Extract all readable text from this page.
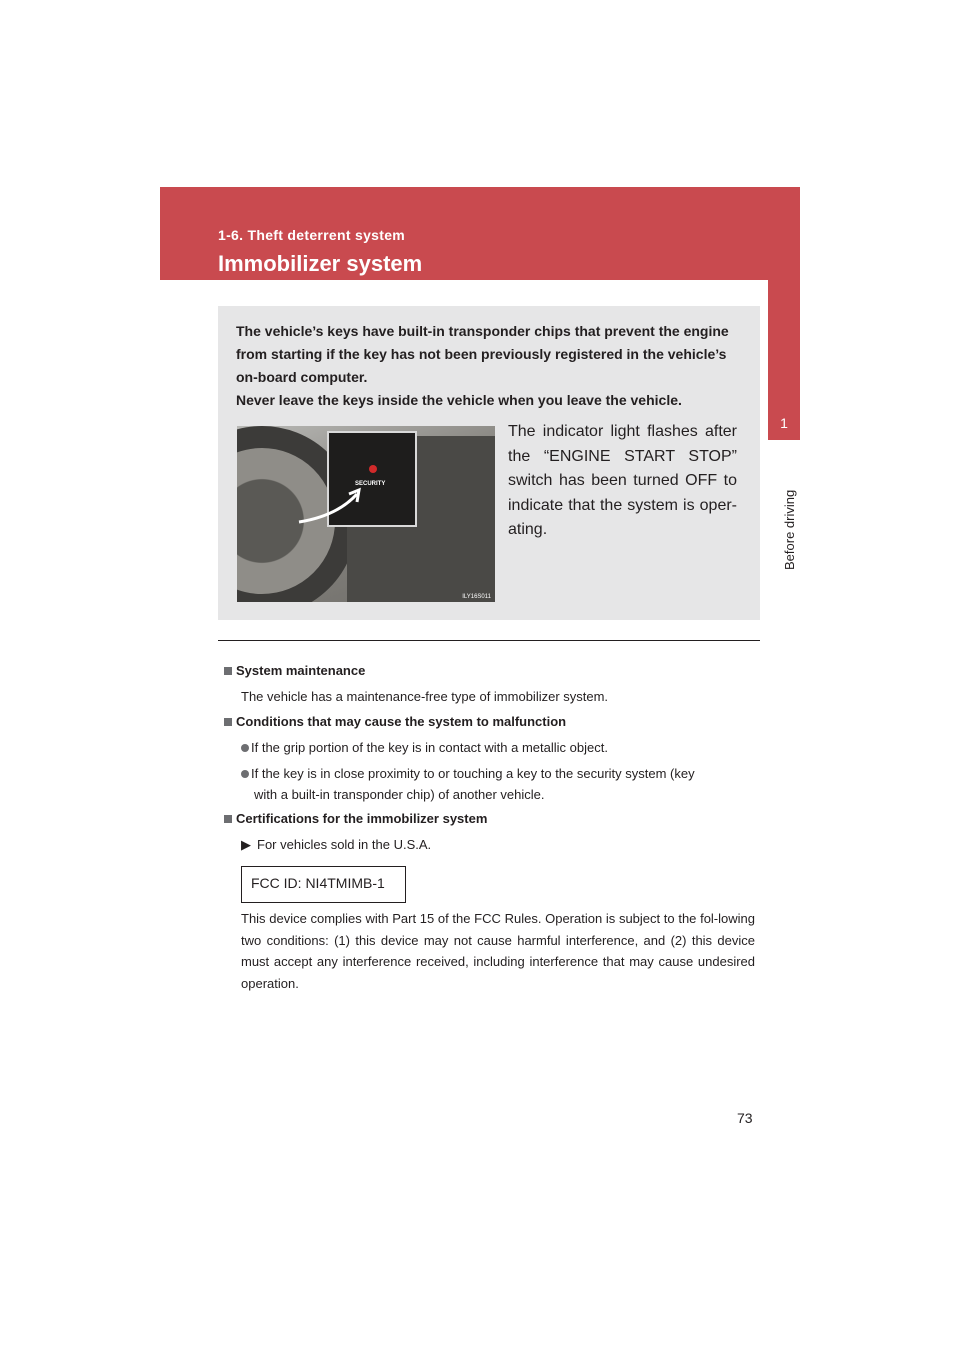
1-6. Theft deterrent system
Immobilizer system
1
Before driving
The vehicle’s keys have built-in transponder chips that prevent the engine
from starting if the key has not been previously registered in the vehicle’s
on-board computer.
Never leave the keys inside the vehicle when you leave the vehicle.
SECURITY
ILY16S011
The indicator light flashes after the “ENGINE START STOP” switch has been turned OFF to indicate that the system is oper-ating.
System maintenance
The vehicle has a maintenance-free type of immobilizer system.
Conditions that may cause the system to malfunction
If the grip portion of the key is in contact with a metallic object.
If the key is in close proximity to or touching a key to the security system (key
with a built-in transponder chip) of another vehicle.
Certifications for the immobilizer system
▶ For vehicles sold in the U.S.A.
FCC ID: NI4TMIMB-1
This device complies with Part 15 of the FCC Rules. Operation is subject to the fol-lowing two conditions: (1) this device may not cause harmful interference, and (2) this device must accept any interference received, including interference that may cause undesired operation.
73
